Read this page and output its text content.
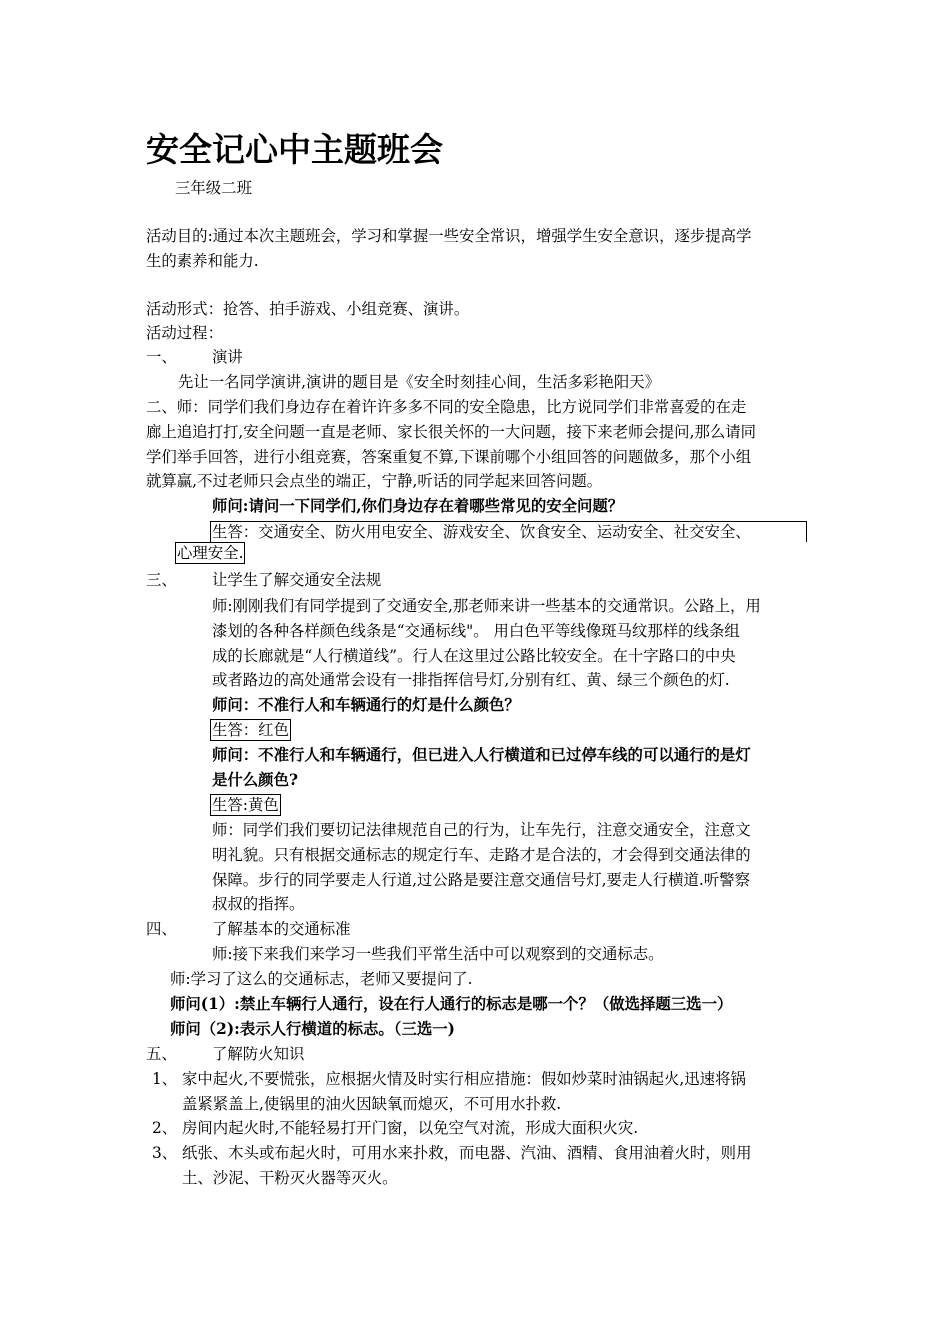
安全记心中主题班会
三年级二班
活动目的:通过本次主题班会，学习和掌握一些安全常识，增强学生安全意识，逐步提高学
生的素养和能力.
活动形式：抢答、拍手游戏、小组竞赛、演讲。
活动过程：
一、 演讲
先让一名同学演讲,演讲的题目是《安全时刻挂心间，生活多彩艳阳天》
二、师：同学们我们身边存在着许许多多不同的安全隐患，比方说同学们非常喜爱的在走
廊上追追打打,安全问题一直是老师、家长很关怀的一大问题，接下来老师会提问,那么请同
学们举手回答，进行小组竞赛，答案重复不算,下课前哪个小组回答的问题做多，那个小组
就算赢,不过老师只会点坐的端正，宁静,听话的同学起来回答问题。
师问:请问一下同学们,你们身边存在着哪些常见的安全问题？
生答：交通安全、防火用电安全、游戏安全、饮食安全、运动安全、社交安全、
心理安全.
三、 让学生了解交通安全法规
师:刚刚我们有同学提到了交通安全,那老师来讲一些基本的交通常识。公路上，用
漆划的各种各样颜色线条是“交通标线"。 用白色平等线像斑马纹那样的线条组
成的长廊就是“人行横道线”。行人在这里过公路比较安全。在十字路口的中央
或者路边的高处通常会设有一排指挥信号灯,分别有红、黄、绿三个颜色的灯.
师问：不准行人和车辆通行的灯是什么颜色？
生答：红色
师问：不准行人和车辆通行，但已进入人行横道和已过停车线的可以通行的是灯
是什么颜色?
生答:黄色
师：同学们我们要切记法律规范自己的行为，让车先行，注意交通安全，注意文
明礼貌。只有根据交通标志的规定行车、走路才是合法的，才会得到交通法律的
保障。步行的同学要走人行道,过公路是要注意交通信号灯,要走人行横道.听警察
叔叔的指挥。
四、 了解基本的交通标准
师:接下来我们来学习一些我们平常生活中可以观察到的交通标志。
师:学习了这么的交通标志，老师又要提问了.
师问(1）:禁止车辆行人通行，设在行人通行的标志是哪一个？（做选择题三选一）
师问（2):表示人行横道的标志。（三选一)
五、 了解防火知识
1、 家中起火,不要慌张，应根据火情及时实行相应措施：假如炒菜时油锅起火,迅速将锅
盖紧紧盖上,使锅里的油火因缺氧而熄灭，不可用水扑救.
2、 房间内起火时,不能轻易打开门窗，以免空气对流，形成大面积火灾.
3、 纸张、木头或布起火时，可用水来扑救，而电器、汽油、酒精、食用油着火时，则用
土、沙泥、干粉灭火器等灭火。
